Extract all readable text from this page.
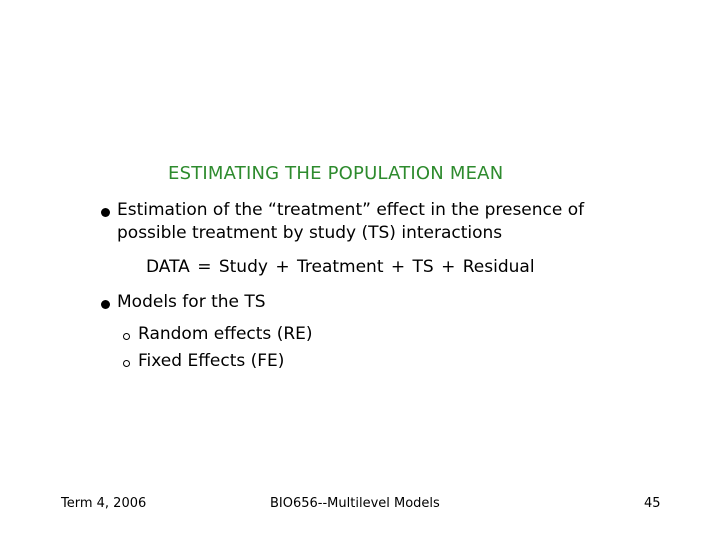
ESTIMATING THE POPULATION MEAN
Estimation of the “treatment” effect in the presence of
possible treatment by study (TS) interactions
DATA = Study + Treatment + TS + Residual
Models for the TS
Random effects (RE)
Fixed Effects (FE)
Term 4, 2006	BIO656--Multilevel Models	45
